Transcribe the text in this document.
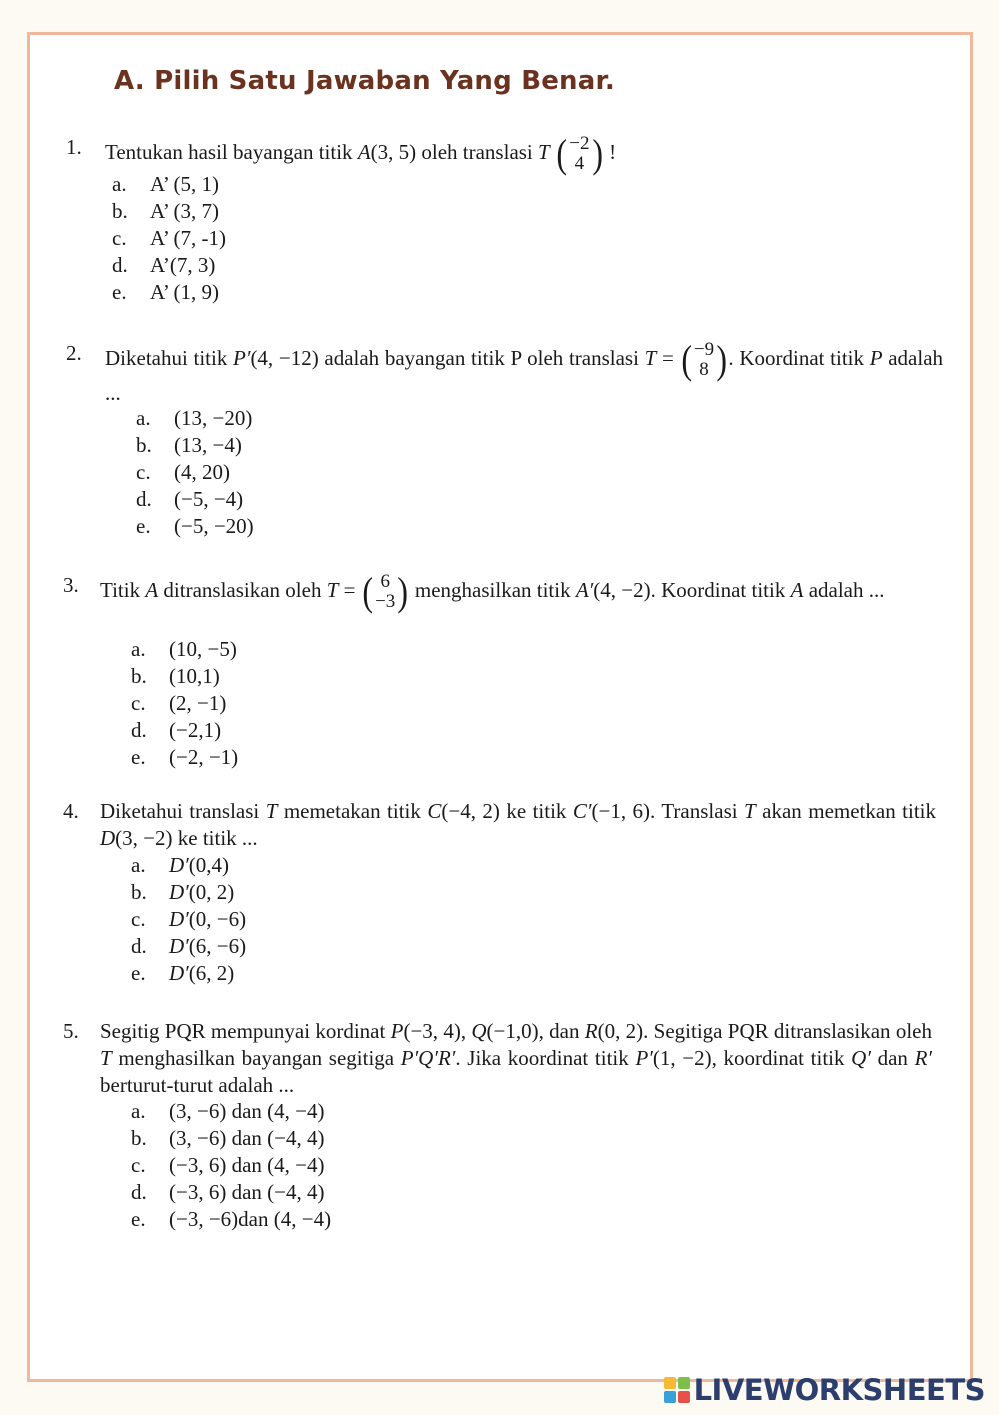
A. Pilih Satu Jawaban Yang Benar.
1. Tentukan hasil bayangan titik A(3, 5) oleh translasi T ( −2
4 ) !
a.	A’ (5, 1)
b.	A’ (3, 7)
c.	A’ (7, -1)
d.	A’(7, 3)
e.	A’ (1, 9)
2. Diketahui titik P′(4, −12) adalah bayangan titik P oleh translasi T = ( −9
8 ) . Koordinat titik P adalah ...
a.	(13, −20)
b.	(13, −4)
c.	(4, 20)
d.	(−5, −4)
e.	(−5, −20)
3. Titik A ditranslasikan oleh T = ( 6
−3 ) menghasilkan titik A′(4, −2). Koordinat titik A adalah ...
a.	(10, −5)
b.	(10,1)
c.	(2, −1)
d.	(−2,1)
e.	(−2, −1)
4. Diketahui translasi T memetakan titik C(−4, 2) ke titik C′(−1, 6). Translasi T akan memetkan titik D(3, −2) ke titik ...
a.	D′(0,4)
b.	D′(0, 2)
c.	D′(0, −6)
d.	D′(6, −6)
e.	D′(6, 2)
5. Segitig PQR mempunyai kordinat P(−3, 4), Q(−1,0), dan R(0, 2). Segitiga PQR ditranslasikan oleh T menghasilkan bayangan segitiga P′Q′R′. Jika koordinat titik P′(1, −2), koordinat titik Q′ dan R′ berturut-turut adalah ...
a.	(3, −6) dan (4, −4)
b.	(3, −6) dan (−4, 4)
c.	(−3, 6) dan (4, −4)
d.	(−3, 6) dan (−4, 4)
e.	(−3, −6)dan (4, −4)
LIVEWORKSHEETS
